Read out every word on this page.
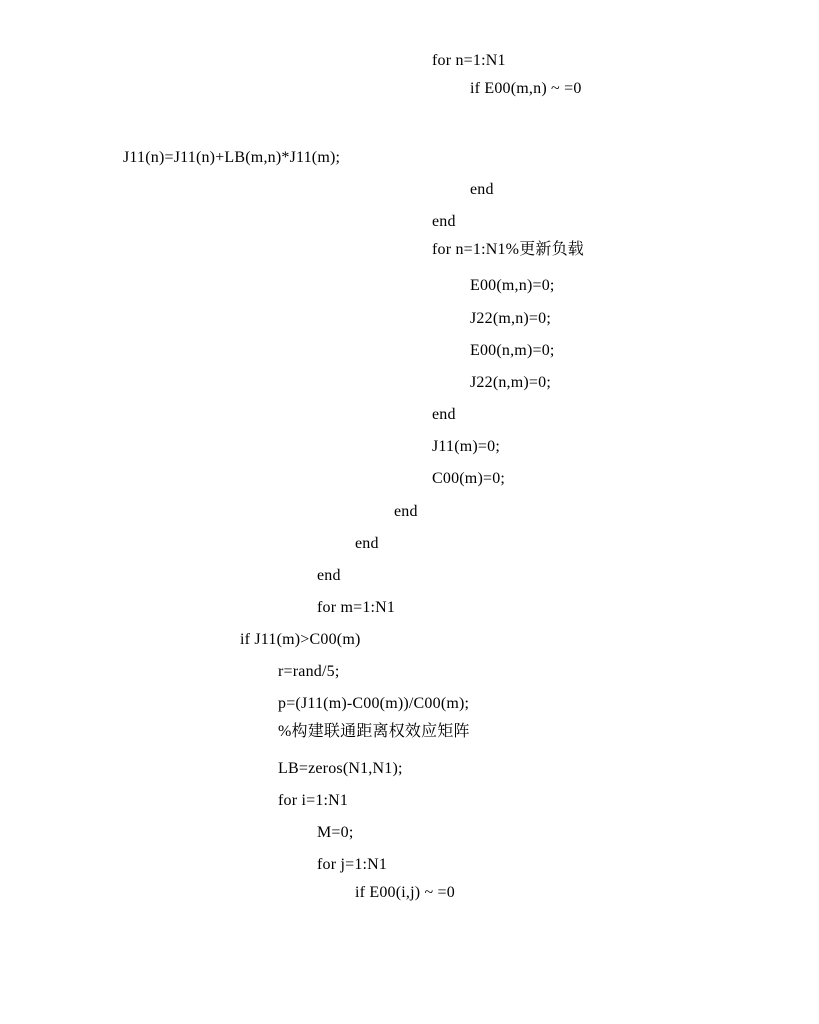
for n=1:N1
if E00(m,n) ~ =0
J11(n)=J11(n)+LB(m,n)*J11(m);
end
end
for n=1:N1%更新负载
E00(m,n)=0;
J22(m,n)=0;
E00(n,m)=0;
J22(n,m)=0;
end
J11(m)=0;
C00(m)=0;
end
end
end
for m=1:N1
if J11(m)>C00(m)
r=rand/5;
p=(J11(m)-C00(m))/C00(m);
%构建联通距离权效应矩阵
LB=zeros(N1,N1);
for i=1:N1
M=0;
for j=1:N1
if E00(i,j) ~ =0
